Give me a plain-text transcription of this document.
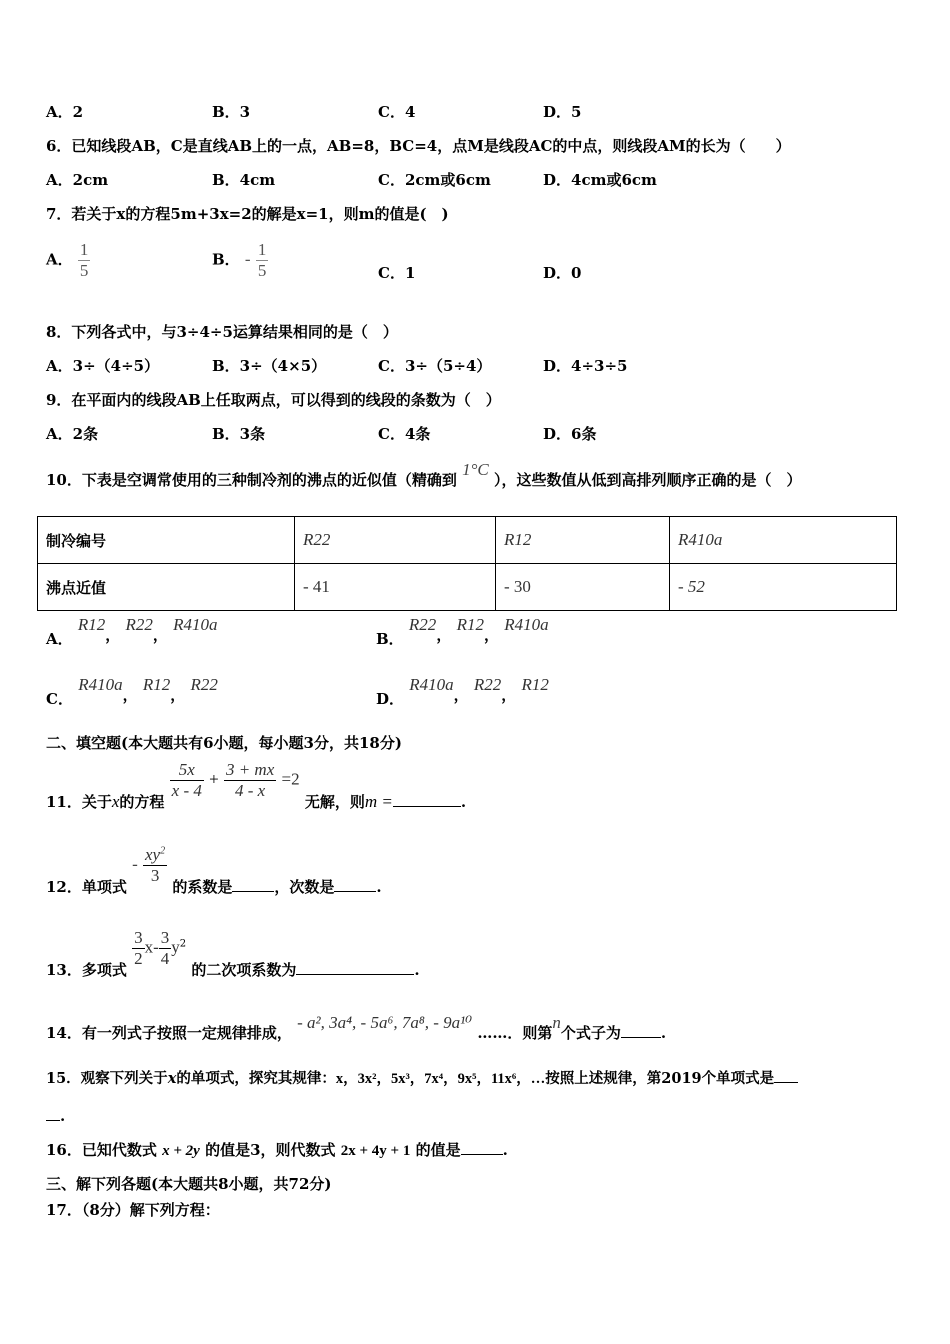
A．2	B．3	C．4	D．5
6．已知线段AB，C是直线AB上的一点，AB=8，BC=4，点M是线段AC的中点，则线段AM的长为（　　）
A．2cm	B．4cm	C．2cm或6cm	D．4cm或6cm
7．若关于x的方程5m+3x=2的解是x=1，则m的值是(　)
A． $\frac{1}{5}$	B． - $\frac{1}{5}$	C．1	D．0
8．下列各式中，与3÷4÷5运算结果相同的是（　）
A．3÷（4÷5）	B．3÷（4×5）	C．3÷（5÷4）	D．4÷3÷5
9．在平面内的线段AB上任取两点，可以得到的线段的条数为（　）
A．2条	B．3条	C．4条	D．6条
10．下表是空调常使用的三种制冷剂的沸点的近似值（精确到 1°C ），这些数值从低到高排列顺序正确的是（　）
制冷编号	R22	R12	R410a
沸点近值	- 41	- 30	- 52
A． R12， R22， R410a
B． R22， R12， R410a
C． R410a， R12， R22
D． R410a， R22， R12
二、填空题(本大题共有6小题，每小题3分，共18分)
11．关于x的方程
$\frac{5x}{x - 4} + \frac{3 + mx}{4 - x} =2$ 无解，则m =	.
12．单项式 - $\frac{xy^2}{3}$
的系数是	，次数是	.
13．多项式
$\frac{3}{2} x- \frac{3}{4} y^2$ 的二次项系数为	.
14．有一列式子按照一定规律排成， - a², 3a⁴, - 5a⁶, 7a⁸, - 9a¹⁰ ……．则第n个式子为	.
15．观察下列关于x的单项式，探究其规律：x，3x²，5x³，7x⁴，9x⁵，11x⁶，…按照上述规律，第2019个单项式是
.
16．已知代数式 x + 2y 的值是3，则代数式 2x + 4y + 1 的值是	.
三、解下列各题(本大题共8小题，共72分)
17．（8分）解下列方程：
